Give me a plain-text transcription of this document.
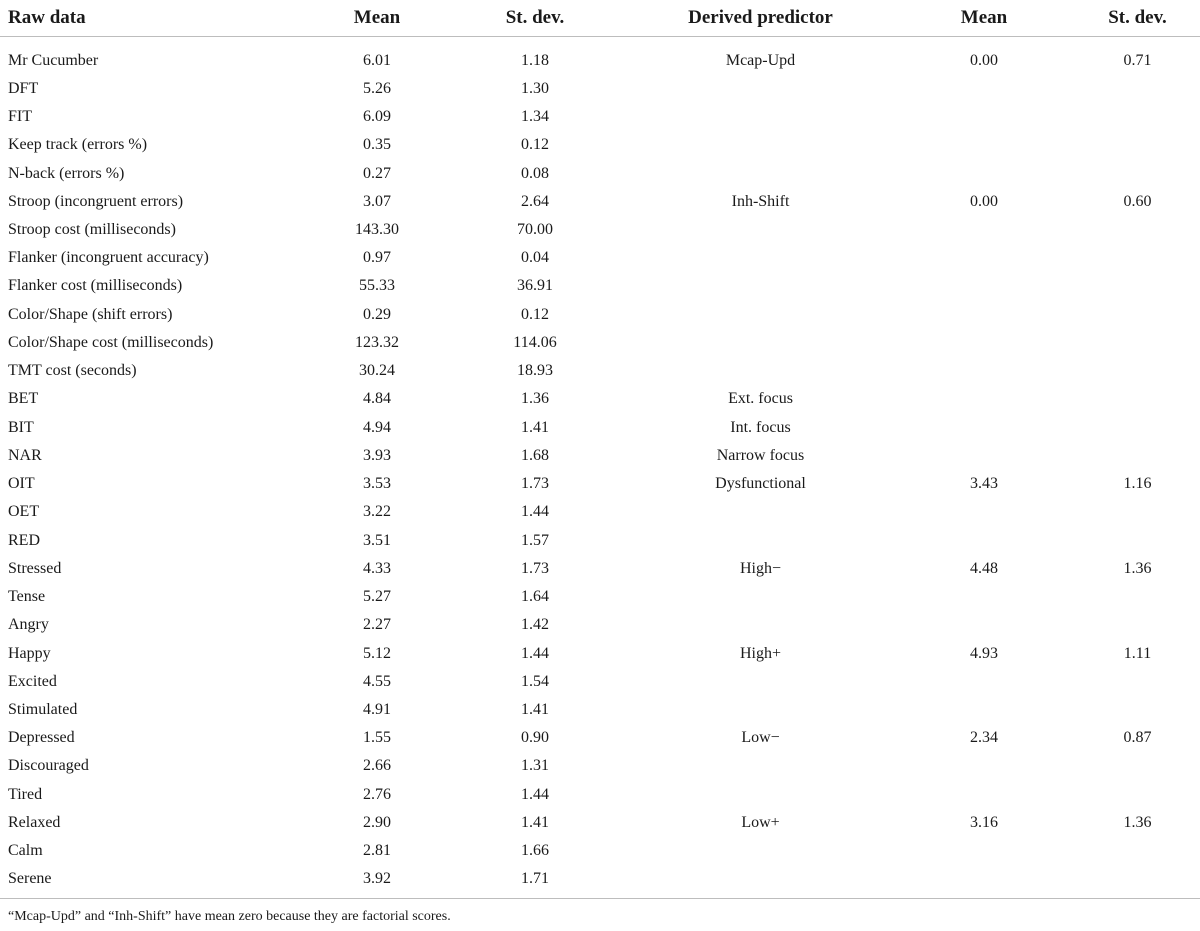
Raw data	Mean	St. dev.	Derived predictor	Mean	St. dev.
Mr Cucumber	6.01	1.18	Mcap-Upd	0.00	0.71
DFT	5.26	1.30			
FIT	6.09	1.34			
Keep track (errors %)	0.35	0.12			
N-back (errors %)	0.27	0.08			
Stroop (incongruent errors)	3.07	2.64	Inh-Shift	0.00	0.60
Stroop cost (milliseconds)	143.30	70.00			
Flanker (incongruent accuracy)	0.97	0.04			
Flanker cost (milliseconds)	55.33	36.91			
Color/Shape (shift errors)	0.29	0.12			
Color/Shape cost (milliseconds)	123.32	114.06			
TMT cost (seconds)	30.24	18.93			
BET	4.84	1.36	Ext. focus		
BIT	4.94	1.41	Int. focus		
NAR	3.93	1.68	Narrow focus		
OIT	3.53	1.73	Dysfunctional	3.43	1.16
OET	3.22	1.44			
RED	3.51	1.57			
Stressed	4.33	1.73	High−	4.48	1.36
Tense	5.27	1.64			
Angry	2.27	1.42			
Happy	5.12	1.44	High+	4.93	1.11
Excited	4.55	1.54			
Stimulated	4.91	1.41			
Depressed	1.55	0.90	Low−	2.34	0.87
Discouraged	2.66	1.31			
Tired	2.76	1.44			
Relaxed	2.90	1.41	Low+	3.16	1.36
Calm	2.81	1.66			
Serene	3.92	1.71			
“Mcap-Upd” and “Inh-Shift” have mean zero because they are factorial scores.
